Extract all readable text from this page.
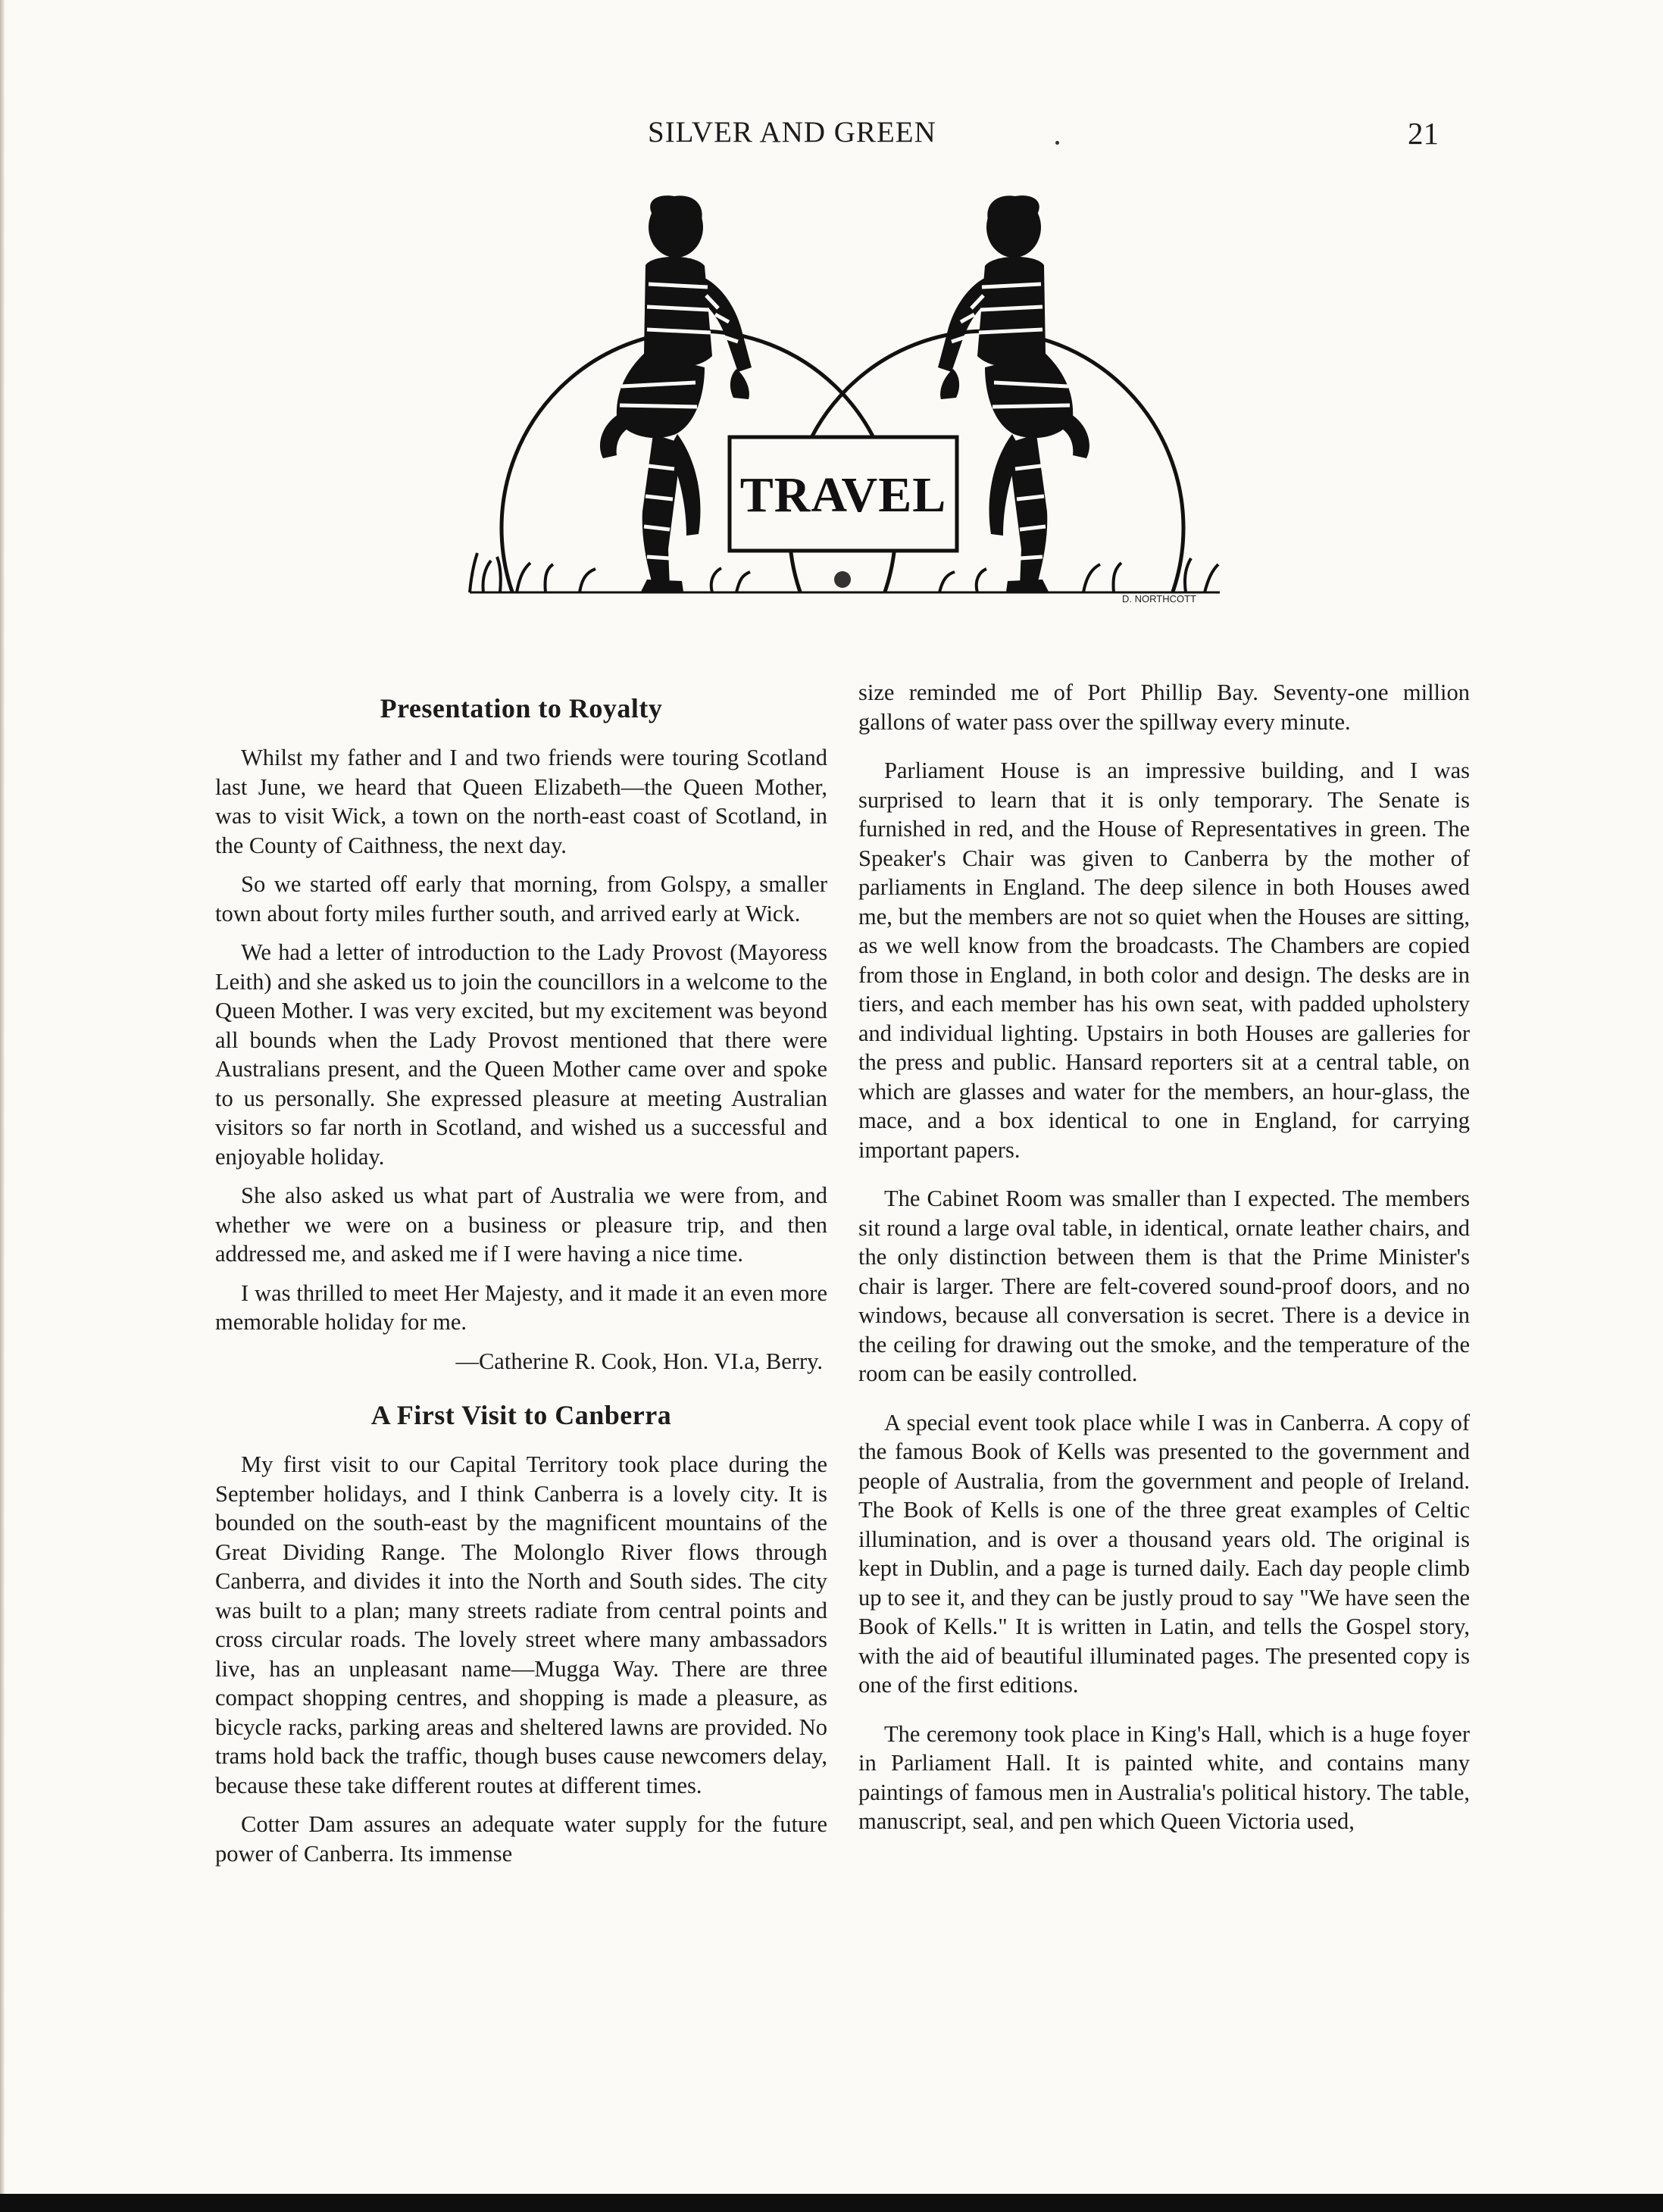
SILVER AND GREEN	21
TRAVEL
D. NORTHCOTT
Presentation to Royalty

Whilst my father and I and two friends were touring Scotland last June, we heard that Queen Elizabeth—the Queen Mother, was to visit Wick, a town on the north-east coast of Scotland, in the County of Caithness, the next day.

So we started off early that morning, from Golspy, a smaller town about forty miles further south, and arrived early at Wick.

We had a letter of introduction to the Lady Provost (Mayoress Leith) and she asked us to join the councillors in a welcome to the Queen Mother. I was very excited, but my excitement was beyond all bounds when the Lady Provost mentioned that there were Australians present, and the Queen Mother came over and spoke to us personally. She expressed pleasure at meeting Australian visitors so far north in Scotland, and wished us a successful and enjoyable holiday.

She also asked us what part of Australia we were from, and whether we were on a business or pleasure trip, and then addressed me, and asked me if I were having a nice time.

I was thrilled to meet Her Majesty, and it made it an even more memorable holiday for me.

—Catherine R. Cook, Hon. VI.a, Berry.
A First Visit to Canberra

My first visit to our Capital Territory took place during the September holidays, and I think Canberra is a lovely city. It is bounded on the south-east by the magnificent mountains of the Great Dividing Range. The Molonglo River flows through Canberra, and divides it into the North and South sides. The city was built to a plan; many streets radiate from central points and cross circular roads. The lovely street where many ambassadors live, has an unpleasant name—Mugga Way. There are three compact shopping centres, and shopping is made a pleasure, as bicycle racks, parking areas and sheltered lawns are provided. No trams hold back the traffic, though buses cause newcomers delay, because these take different routes at different times.

Cotter Dam assures an adequate water supply for the future power of Canberra. Its immense

size reminded me of Port Phillip Bay. Seventy-one million gallons of water pass over the spillway every minute.

Parliament House is an impressive building, and I was surprised to learn that it is only temporary. The Senate is furnished in red, and the House of Representatives in green. The Speaker's Chair was given to Canberra by the mother of parliaments in England. The deep silence in both Houses awed me, but the members are not so quiet when the Houses are sitting, as we well know from the broadcasts. The Chambers are copied from those in England, in both color and design. The desks are in tiers, and each member has his own seat, with padded upholstery and individual lighting. Upstairs in both Houses are galleries for the press and public. Hansard reporters sit at a central table, on which are glasses and water for the members, an hour-glass, the mace, and a box identical to one in England, for carrying important papers.

The Cabinet Room was smaller than I expected. The members sit round a large oval table, in identical, ornate leather chairs, and the only distinction between them is that the Prime Minister's chair is larger. There are felt-covered sound-proof doors, and no windows, because all conversation is secret. There is a device in the ceiling for drawing out the smoke, and the temperature of the room can be easily controlled.

A special event took place while I was in Canberra. A copy of the famous Book of Kells was presented to the government and people of Australia, from the government and people of Ireland. The Book of Kells is one of the three great examples of Celtic illumination, and is over a thousand years old. The original is kept in Dublin, and a page is turned daily. Each day people climb up to see it, and they can be justly proud to say "We have seen the Book of Kells." It is written in Latin, and tells the Gospel story, with the aid of beautiful illuminated pages. The presented copy is one of the first editions.

The ceremony took place in King's Hall, which is a huge foyer in Parliament Hall. It is painted white, and contains many paintings of famous men in Australia's political history. The table, manuscript, seal, and pen which Queen Victoria used,
